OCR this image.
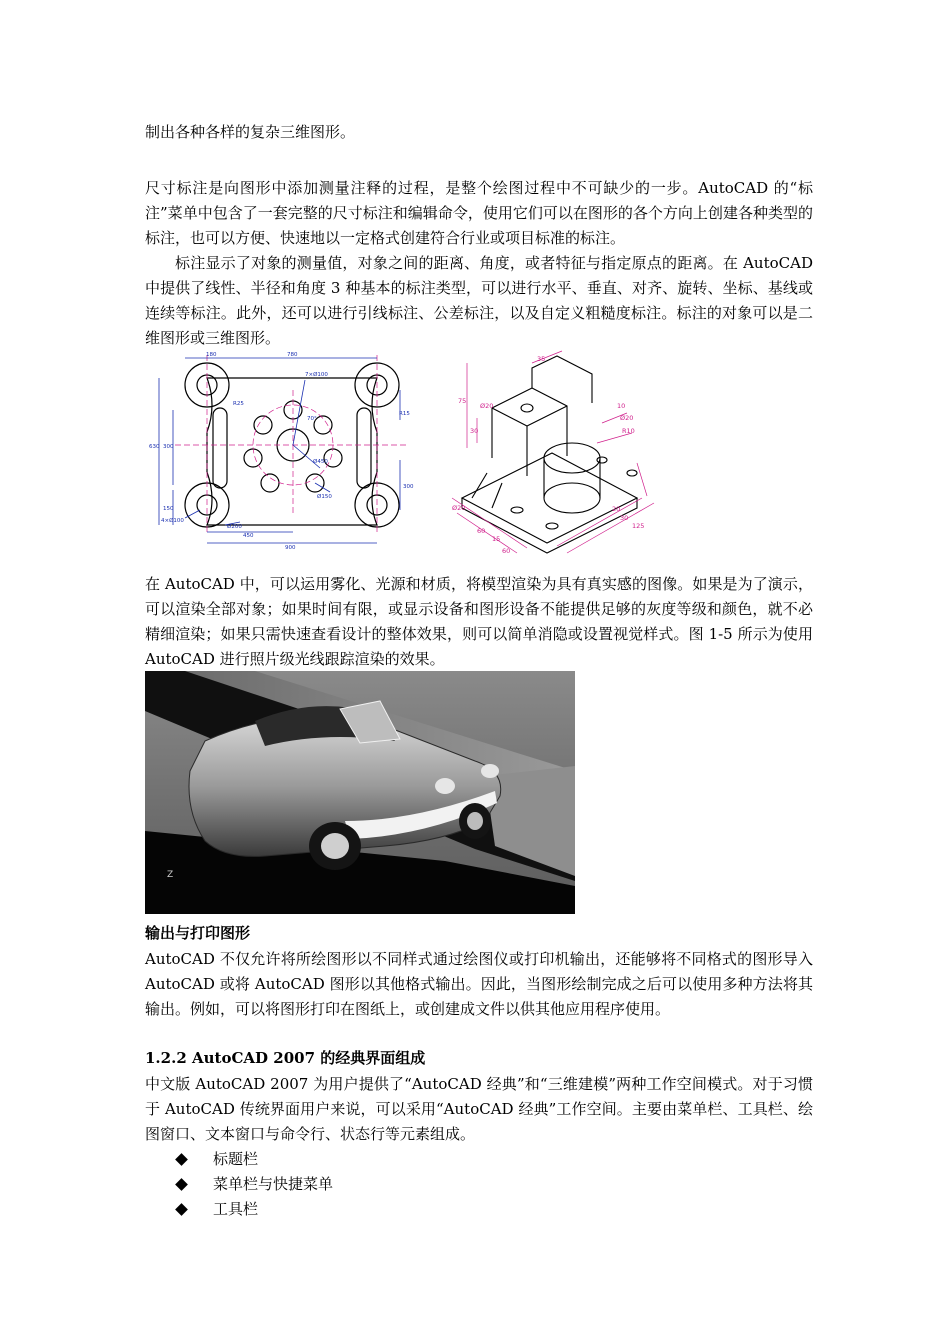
制出各种各样的复杂三维图形。

尺寸标注是向图形中添加测量注释的过程，是整个绘图过程中不可缺少的一步。AutoCAD 的“标注”菜单中包含了一套完整的尺寸标注和编辑命令，使用它们可以在图形的各个方向上创建各种类型的标注，也可以方便、快速地以一定格式创建符合行业或项目标准的标注。

标注显示了对象的测量值，对象之间的距离、角度，或者特征与指定原点的距离。在 AutoCAD 中提供了线性、半径和角度 3 种基本的标注类型，可以进行水平、垂直、对齐、旋转、坐标、基线或连续等标注。此外，还可以进行引线标注、公差标注，以及自定义粗糙度标注。标注的对象可以是二维图形或三维图形。

180	780
7×Ø100
R25
R15
70°
630 300
150
300
Ø450
Ø150
4×Ø100
Ø200
450
900
35
75
30
10
Ø20
Ø20
R10
60
15
125
30
20
60
Ø20

在 AutoCAD 中，可以运用雾化、光源和材质，将模型渲染为具有真实感的图像。如果是为了演示，可以渲染全部对象；如果时间有限，或显示设备和图形设备不能提供足够的灰度等级和颜色，就不必精细渲染；如果只需快速查看设计的整体效果，则可以简单消隐或设置视觉样式。图 1-5 所示为使用 AutoCAD 进行照片级光线跟踪渲染的效果。

Z

输出与打印图形

AutoCAD 不仅允许将所绘图形以不同样式通过绘图仪或打印机输出，还能够将不同格式的图形导入 AutoCAD 或将 AutoCAD 图形以其他格式输出。因此，当图形绘制完成之后可以使用多种方法将其输出。例如，可以将图形打印在图纸上，或创建成文件以供其他应用程序使用。

1.2.2 AutoCAD 2007 的经典界面组成

中文版 AutoCAD 2007 为用户提供了“AutoCAD 经典”和“三维建模”两种工作空间模式。对于习惯于 AutoCAD 传统界面用户来说，可以采用“AutoCAD 经典”工作空间。主要由菜单栏、工具栏、绘图窗口、文本窗口与命令行、状态行等元素组成。

标题栏
菜单栏与快捷菜单
工具栏
